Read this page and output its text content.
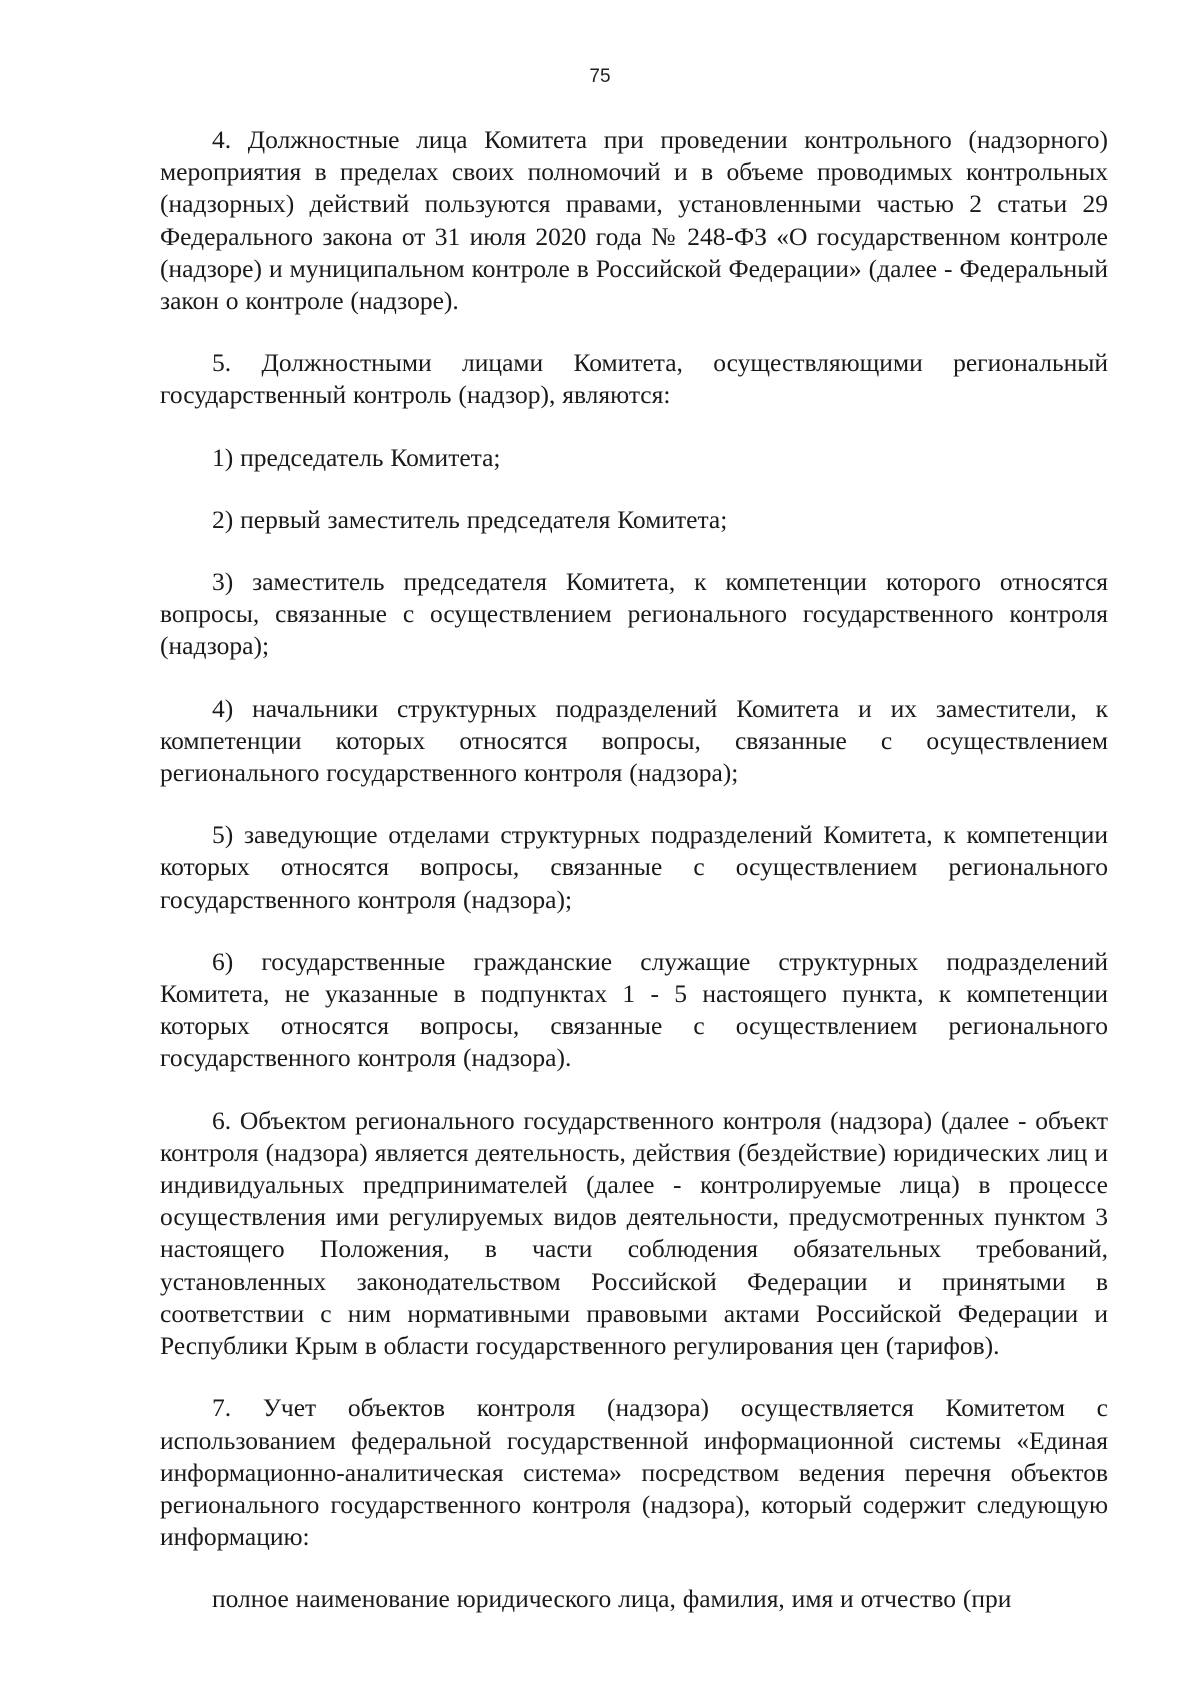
75

4. Должностные лица Комитета при проведении контрольного (надзорного) мероприятия в пределах своих полномочий и в объеме проводимых контрольных (надзорных) действий пользуются правами, установленными частью 2 статьи 29 Федерального закона от 31 июля 2020 года № 248-ФЗ «О государственном контроле (надзоре) и муниципальном контроле в Российской Федерации» (далее - Федеральный закон о контроле (надзоре).

5. Должностными лицами Комитета, осуществляющими региональный государственный контроль (надзор), являются:

1) председатель Комитета;

2) первый заместитель председателя Комитета;

3) заместитель председателя Комитета, к компетенции которого относятся вопросы, связанные с осуществлением регионального государственного контроля (надзора);

4) начальники структурных подразделений Комитета и их заместители, к компетенции которых относятся вопросы, связанные с осуществлением регионального государственного контроля (надзора);

5) заведующие отделами структурных подразделений Комитета, к компетенции которых относятся вопросы, связанные с осуществлением регионального государственного контроля (надзора);

6) государственные гражданские служащие структурных подразделений Комитета, не указанные в подпунктах 1 - 5 настоящего пункта, к компетенции которых относятся вопросы, связанные с осуществлением регионального государственного контроля (надзора).

6. Объектом регионального государственного контроля (надзора) (далее - объект контроля (надзора) является деятельность, действия (бездействие) юридических лиц и индивидуальных предпринимателей (далее - контролируемые лица) в процессе осуществления ими регулируемых видов деятельности, предусмотренных пунктом 3 настоящего Положения, в части соблюдения обязательных требований, установленных законодательством Российской Федерации и принятыми в соответствии с ним нормативными правовыми актами Российской Федерации и Республики Крым в области государственного регулирования цен (тарифов).

7. Учет объектов контроля (надзора) осуществляется Комитетом с использованием федеральной государственной информационной системы «Единая информационно-аналитическая система» посредством ведения перечня объектов регионального государственного контроля (надзора), который содержит следующую информацию:

полное наименование юридического лица, фамилия, имя и отчество (при
